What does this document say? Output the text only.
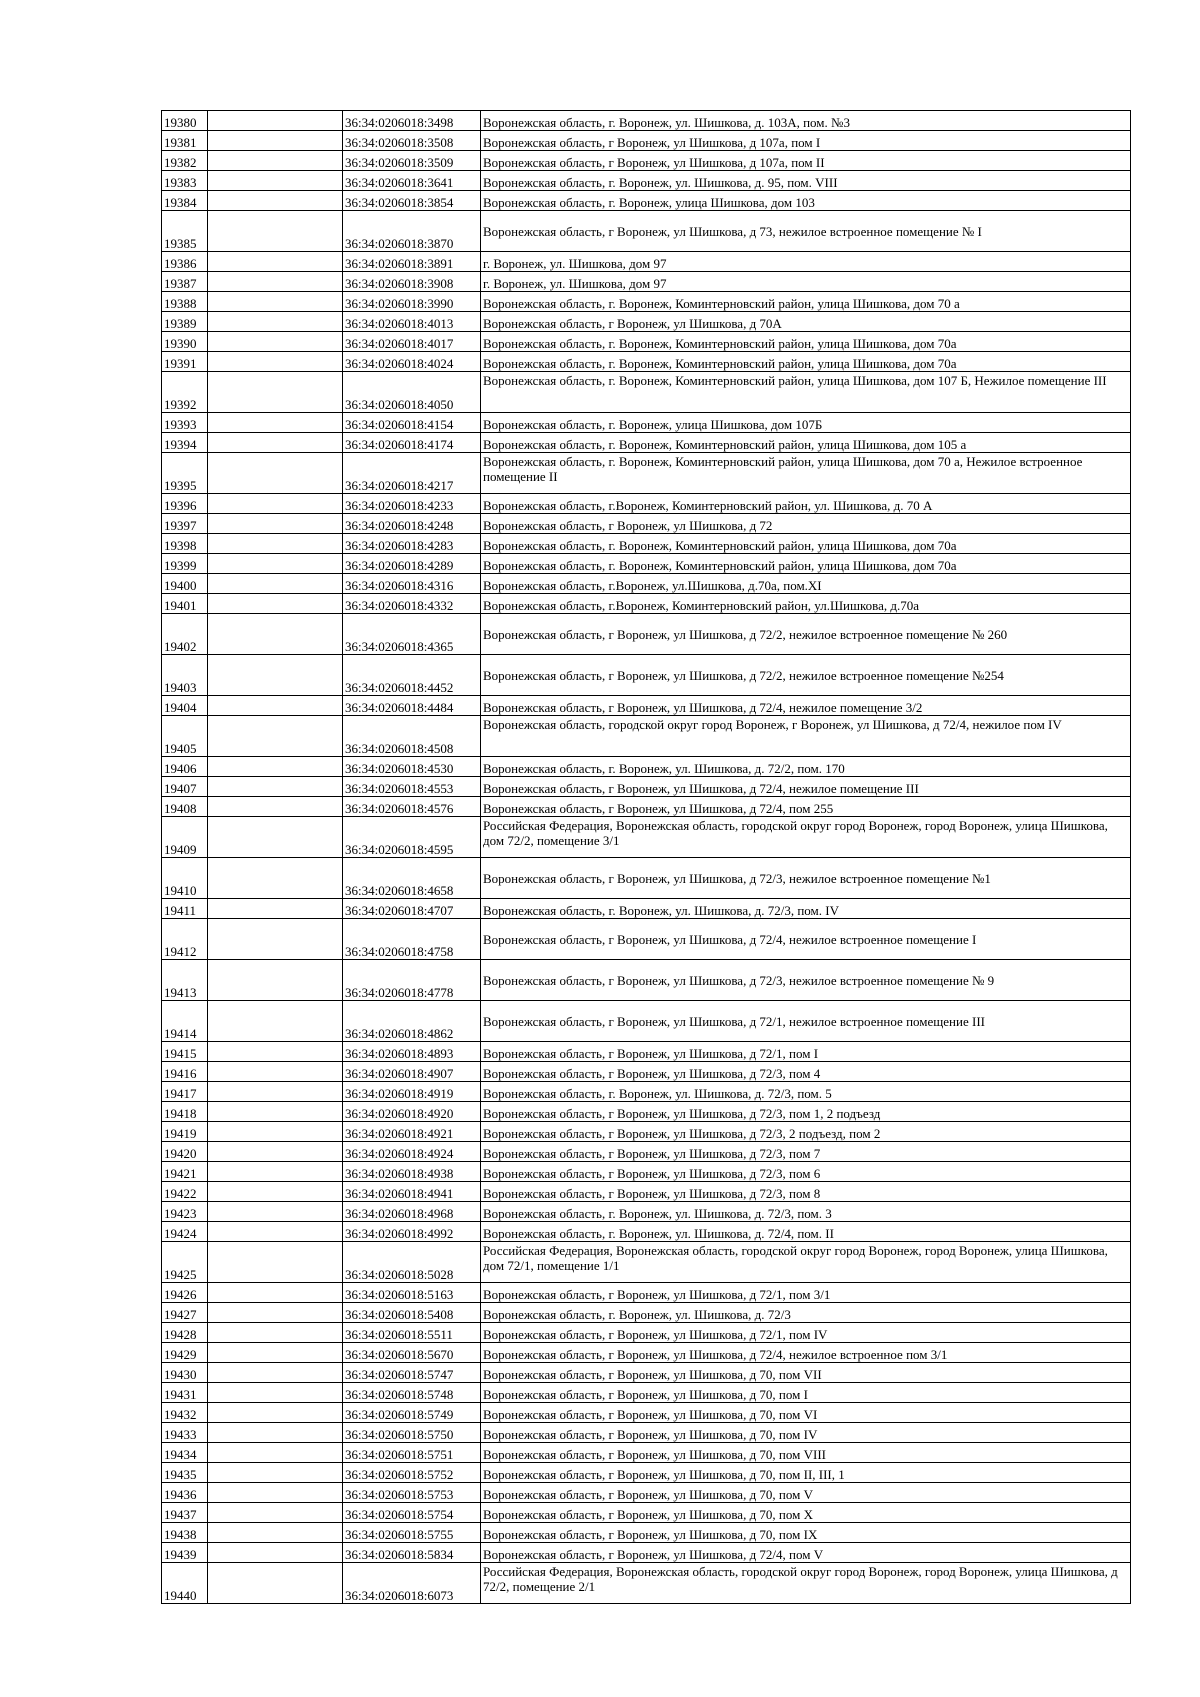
19380		36:34:0206018:3498	Воронежская область, г. Воронеж, ул. Шишкова, д. 103А, пом. №3
19381		36:34:0206018:3508	Воронежская область, г Воронеж, ул Шишкова, д 107а, пом I
19382		36:34:0206018:3509	Воронежская область, г Воронеж, ул Шишкова, д 107а, пом II
19383		36:34:0206018:3641	Воронежская область, г. Воронеж, ул. Шишкова, д. 95, пом. VIII
19384		36:34:0206018:3854	Воронежская область, г. Воронеж, улица Шишкова, дом 103
19385		36:34:0206018:3870	Воронежская область, г Воронеж, ул Шишкова, д 73, нежилое встроенное помещение № I
19386		36:34:0206018:3891	г. Воронеж, ул. Шишкова, дом 97
19387		36:34:0206018:3908	г. Воронеж, ул. Шишкова, дом 97
19388		36:34:0206018:3990	Воронежская область, г. Воронеж, Коминтерновский район, улица Шишкова, дом 70 а
19389		36:34:0206018:4013	Воронежская область, г Воронеж, ул Шишкова, д 70А
19390		36:34:0206018:4017	Воронежская область, г. Воронеж, Коминтерновский район, улица Шишкова, дом 70а
19391		36:34:0206018:4024	Воронежская область, г. Воронеж, Коминтерновский район, улица Шишкова, дом 70а
19392		36:34:0206018:4050	Воронежская область, г. Воронеж, Коминтерновский район, улица Шишкова, дом 107 Б, Нежилое помещение III
19393		36:34:0206018:4154	Воронежская область, г. Воронеж, улица Шишкова, дом 107Б
19394		36:34:0206018:4174	Воронежская область, г. Воронеж, Коминтерновский район, улица Шишкова, дом 105 а
19395		36:34:0206018:4217	Воронежская область, г. Воронеж, Коминтерновский район, улица Шишкова, дом 70 а, Нежилое встроенное помещение II
19396		36:34:0206018:4233	Воронежская область, г.Воронеж, Коминтерновский район, ул. Шишкова, д. 70 А
19397		36:34:0206018:4248	Воронежская область, г Воронеж, ул Шишкова, д 72
19398		36:34:0206018:4283	Воронежская область, г. Воронеж, Коминтерновский район, улица Шишкова, дом 70а
19399		36:34:0206018:4289	Воронежская область, г. Воронеж, Коминтерновский район, улица Шишкова, дом 70а
19400		36:34:0206018:4316	Воронежская область, г.Воронеж, ул.Шишкова, д.70а, пом.XI
19401		36:34:0206018:4332	Воронежская область, г.Воронеж, Коминтерновский район, ул.Шишкова, д.70а
19402		36:34:0206018:4365	Воронежская область, г Воронеж, ул Шишкова, д 72/2, нежилое встроенное помещение № 260
19403		36:34:0206018:4452	Воронежская область, г Воронеж, ул Шишкова, д 72/2, нежилое встроенное помещение №254
19404		36:34:0206018:4484	Воронежская область, г Воронеж, ул Шишкова, д 72/4, нежилое помещение 3/2
19405		36:34:0206018:4508	Воронежская область, городской округ город Воронеж, г Воронеж, ул Шишкова, д 72/4, нежилое пом IV
19406		36:34:0206018:4530	Воронежская область, г. Воронеж, ул. Шишкова, д. 72/2, пом. 170
19407		36:34:0206018:4553	Воронежская область, г Воронеж, ул Шишкова, д 72/4, нежилое помещение III
19408		36:34:0206018:4576	Воронежская область, г Воронеж, ул Шишкова, д 72/4, пом 255
19409		36:34:0206018:4595	Российская Федерация, Воронежская область, городской округ город Воронеж, город Воронеж, улица Шишкова, дом 72/2, помещение 3/1
19410		36:34:0206018:4658	Воронежская область, г Воронеж, ул Шишкова, д 72/3, нежилое встроенное помещение №1
19411		36:34:0206018:4707	Воронежская область, г. Воронеж, ул. Шишкова, д. 72/3, пом. IV
19412		36:34:0206018:4758	Воронежская область, г Воронеж, ул Шишкова, д 72/4, нежилое встроенное помещение I
19413		36:34:0206018:4778	Воронежская область, г Воронеж, ул Шишкова, д 72/3, нежилое встроенное помещение № 9
19414		36:34:0206018:4862	Воронежская область, г Воронеж, ул Шишкова, д 72/1, нежилое встроенное помещение III
19415		36:34:0206018:4893	Воронежская область, г Воронеж, ул Шишкова, д 72/1, пом I
19416		36:34:0206018:4907	Воронежская область, г Воронеж, ул Шишкова, д 72/3, пом 4
19417		36:34:0206018:4919	Воронежская область, г. Воронеж, ул. Шишкова, д. 72/3, пом. 5
19418		36:34:0206018:4920	Воронежская область, г Воронеж, ул Шишкова, д 72/3, пом 1, 2 подъезд
19419		36:34:0206018:4921	Воронежская область, г Воронеж, ул Шишкова, д 72/3, 2 подъезд, пом 2
19420		36:34:0206018:4924	Воронежская область, г Воронеж, ул Шишкова, д 72/3, пом 7
19421		36:34:0206018:4938	Воронежская область, г Воронеж, ул Шишкова, д 72/3, пом 6
19422		36:34:0206018:4941	Воронежская область, г Воронеж, ул Шишкова, д 72/3, пом 8
19423		36:34:0206018:4968	Воронежская область, г. Воронеж, ул. Шишкова, д. 72/3, пом. 3
19424		36:34:0206018:4992	Воронежская область, г. Воронеж, ул. Шишкова, д. 72/4, пом. II
19425		36:34:0206018:5028	Российская Федерация, Воронежская область, городской округ город Воронеж, город Воронеж, улица Шишкова, дом 72/1, помещение 1/1
19426		36:34:0206018:5163	Воронежская область, г Воронеж, ул Шишкова, д 72/1, пом 3/1
19427		36:34:0206018:5408	Воронежская область, г. Воронеж, ул. Шишкова, д. 72/3
19428		36:34:0206018:5511	Воронежская область, г Воронеж, ул Шишкова, д 72/1, пом IV
19429		36:34:0206018:5670	Воронежская область, г Воронеж, ул Шишкова, д 72/4, нежилое встроенное пом 3/1
19430		36:34:0206018:5747	Воронежская область, г Воронеж, ул Шишкова, д 70, пом VII
19431		36:34:0206018:5748	Воронежская область, г Воронеж, ул Шишкова, д 70, пом I
19432		36:34:0206018:5749	Воронежская область, г Воронеж, ул Шишкова, д 70, пом VI
19433		36:34:0206018:5750	Воронежская область, г Воронеж, ул Шишкова, д 70, пом IV
19434		36:34:0206018:5751	Воронежская область, г Воронеж, ул Шишкова, д 70, пом VIII
19435		36:34:0206018:5752	Воронежская область, г Воронеж, ул Шишкова, д 70, пом II, III, 1
19436		36:34:0206018:5753	Воронежская область, г Воронеж, ул Шишкова, д 70, пом V
19437		36:34:0206018:5754	Воронежская область, г Воронеж, ул Шишкова, д 70, пом X
19438		36:34:0206018:5755	Воронежская область, г Воронеж, ул Шишкова, д 70, пом IX
19439		36:34:0206018:5834	Воронежская область, г Воронеж, ул Шишкова, д 72/4, пом V
19440		36:34:0206018:6073	Российская Федерация, Воронежская область, городской округ город Воронеж, город Воронеж, улица Шишкова, д 72/2, помещение 2/1
